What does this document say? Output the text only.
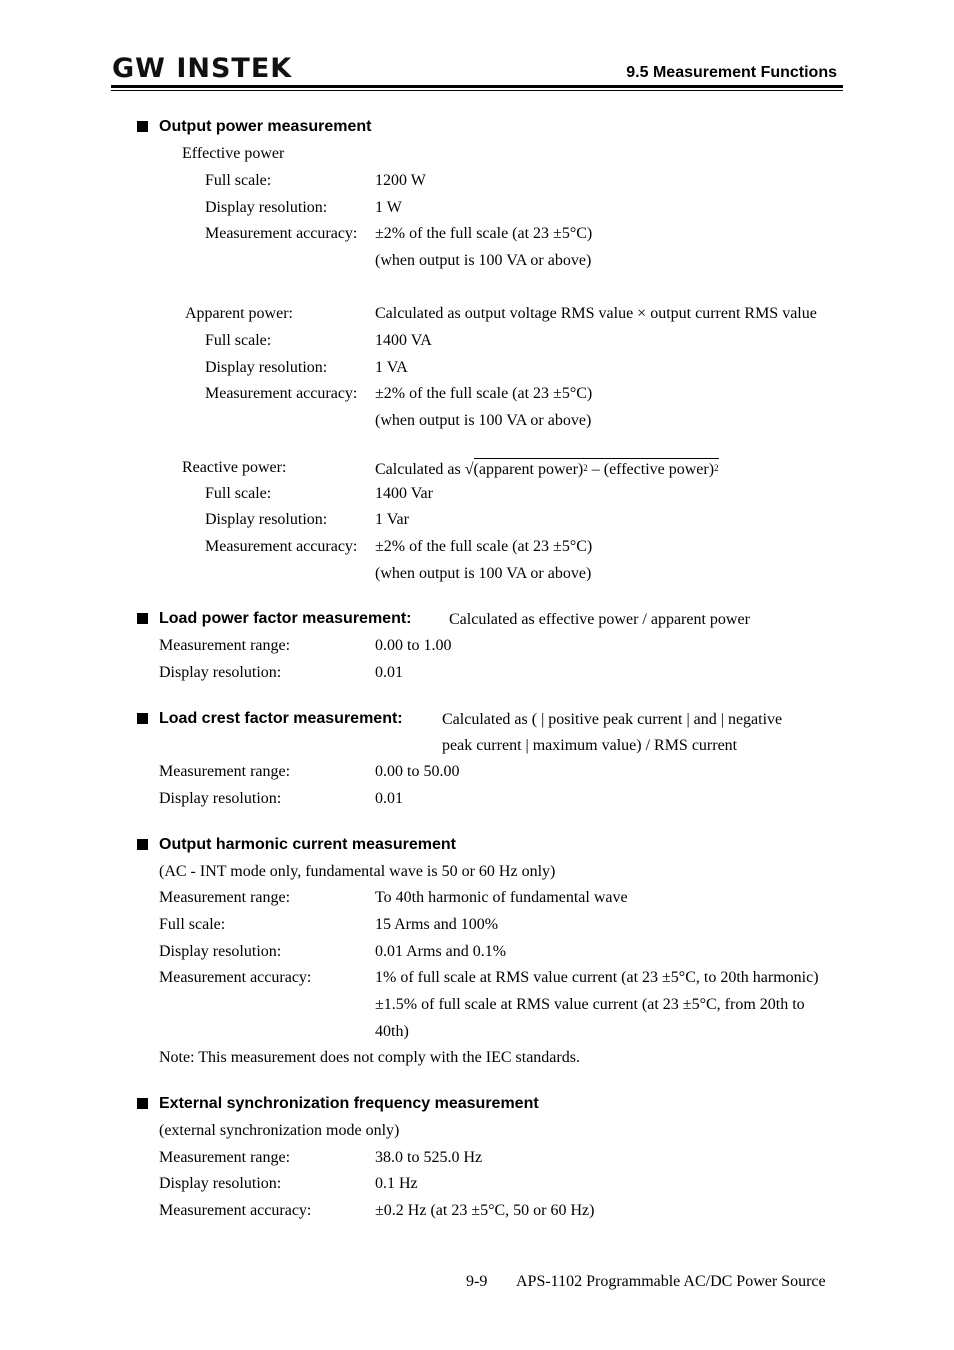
GW INSTEK	9.5 Measurement Functions
Output power measurement
Effective power
Full scale:	1200 W
Display resolution:	1 W
Measurement accuracy: ±2% of the full scale (at 23 ±5°C)
(when output is 100 VA or above)
Apparent power:	Calculated as output voltage RMS value × output current RMS value
Full scale:	1400 VA
Display resolution:	1 VA
Measurement accuracy: ±2% of the full scale (at 23 ±5°C)
(when output is 100 VA or above)
Reactive power:	Calculated as √(apparent power)$^2$ – (effective power)$^2$
Full scale:	1400 Var
Display resolution:	1 Var
Measurement accuracy: ±2% of the full scale (at 23 ±5°C)
(when output is 100 VA or above)
Load power factor measurement: Calculated as effective power / apparent power
Measurement range:	0.00 to 1.00
Display resolution:	0.01
Load crest factor measurement: Calculated as ( | positive peak current | and | negative
peak current | maximum value) / RMS current
Measurement range:	0.00 to 50.00
Display resolution:	0.01
Output harmonic current measurement
(AC - INT mode only, fundamental wave is 50 or 60 Hz only)
Measurement range:	To 40th harmonic of fundamental wave
Full scale:	15 Arms and 100%
Display resolution:	0.01 Arms and 0.1%
Measurement accuracy:	1% of full scale at RMS value current (at 23 ±5°C, to 20th harmonic)
±1.5% of full scale at RMS value current (at 23 ±5°C, from 20th to
40th)
Note: This measurement does not comply with the IEC standards.
External synchronization frequency measurement
(external synchronization mode only)
Measurement range:	38.0 to 525.0 Hz
Display resolution:	0.1 Hz
Measurement accuracy:	±0.2 Hz (at 23 ±5°C, 50 or 60 Hz)
9-9 APS-1102 Programmable AC/DC Power Source
